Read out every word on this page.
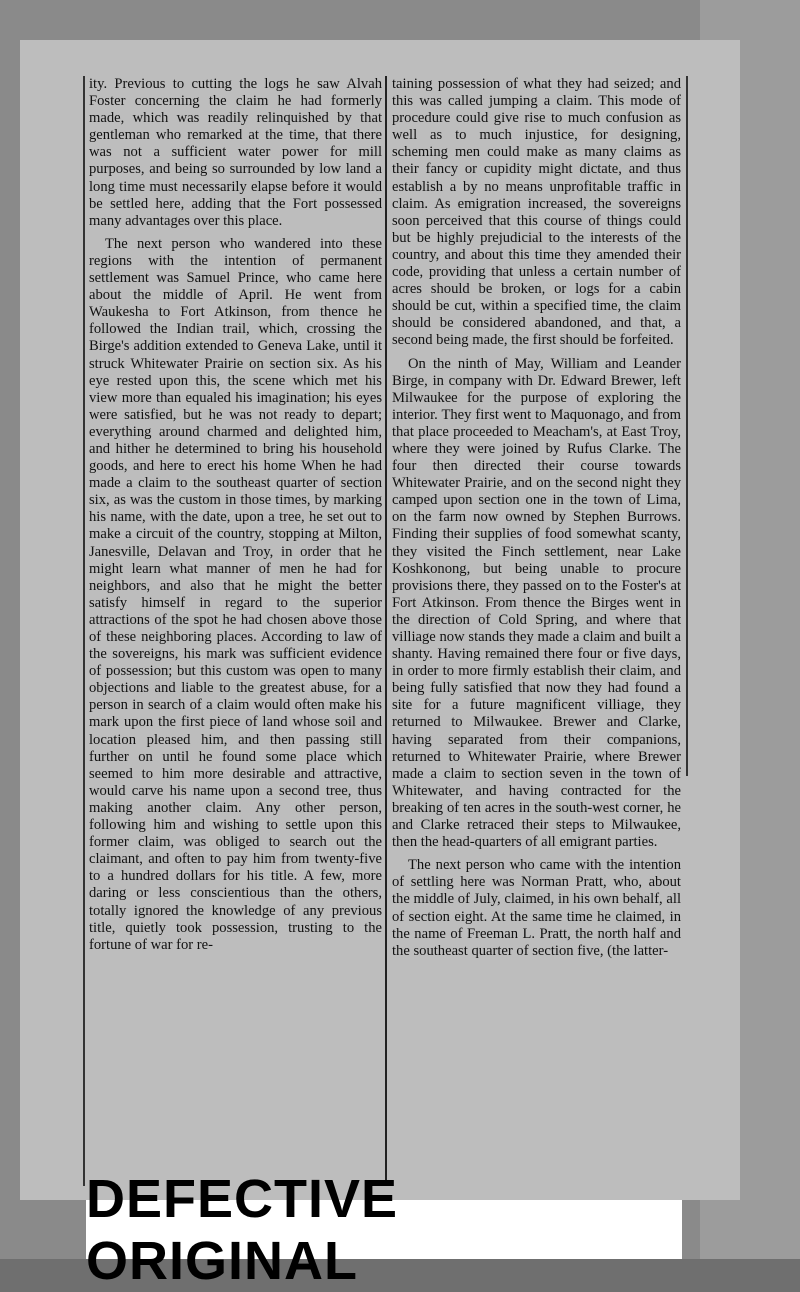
ity. Previous to cutting the logs he saw Alvah Foster concerning the claim he had formerly made, which was readily relinquished by that gentleman who remarked at the time, that there was not a sufficient water power for mill purposes, and being so surrounded by low land a long time must necessarily elapse before it would be settled here, adding that the Fort possessed many advantages over this place.

The next person who wandered into these regions with the intention of permanent settlement was Samuel Prince, who came here about the middle of April. He went from Waukesha to Fort Atkinson, from thence he followed the Indian trail, which, crossing the Birge's addition extended to Geneva Lake, until it struck Whitewater Prairie on section six. As his eye rested upon this, the scene which met his view more than equaled his imagination; his eyes were satisfied, but he was not ready to depart; everything around charmed and delighted him, and hither he determined to bring his household goods, and here to erect his home When he had made a claim to the southeast quarter of section six, as was the custom in those times, by marking his name, with the date, upon a tree, he set out to make a circuit of the country, stopping at Milton, Janesville, Delavan and Troy, in order that he might learn what manner of men he had for neighbors, and also that he might the better satisfy himself in regard to the superior attractions of the spot he had chosen above those of these neighboring places. According to law of the sovereigns, his mark was sufficient evidence of possession; but this custom was open to many objections and liable to the greatest abuse, for a person in search of a claim would often make his mark upon the first piece of land whose soil and location pleased him, and then passing still further on until he found some place which seemed to him more desirable and attractive, would carve his name upon a second tree, thus making another claim. Any other person, following him and wishing to settle upon this former claim, was obliged to search out the claimant, and often to pay him from twenty-five to a hundred dollars for his title. A few, more daring or less conscientious than the others, totally ignored the knowledge of any previous title, quietly took possession, trusting to the fortune of war for re-

taining possession of what they had seized; and this was called jumping a claim. This mode of procedure could give rise to much confusion as well as to much injustice, for designing, scheming men could make as many claims as their fancy or cupidity might dictate, and thus establish a by no means unprofitable traffic in claim. As emigration increased, the sovereigns soon perceived that this course of things could but be highly prejudicial to the interests of the country, and about this time they amended their code, providing that unless a certain number of acres should be broken, or logs for a cabin should be cut, within a specified time, the claim should be considered abandoned, and that, a second being made, the first should be forfeited.

On the ninth of May, William and Leander Birge, in company with Dr. Edward Brewer, left Milwaukee for the purpose of exploring the interior. They first went to Maquonago, and from that place proceeded to Meacham's, at East Troy, where they were joined by Rufus Clarke. The four then directed their course towards Whitewater Prairie, and on the second night they camped upon section one in the town of Lima, on the farm now owned by Stephen Burrows. Finding their supplies of food somewhat scanty, they visited the Finch settlement, near Lake Koshkonong, but being unable to procure provisions there, they passed on to the Foster's at Fort Atkinson. From thence the Birges went in the direction of Cold Spring, and where that villiage now stands they made a claim and built a shanty. Having remained there four or five days, in order to more firmly establish their claim, and being fully satisfied that now they had found a site for a future magnificent villiage, they returned to Milwaukee. Brewer and Clarke, having separated from their companions, returned to Whitewater Prairie, where Brewer made a claim to section seven in the town of Whitewater, and having contracted for the breaking of ten acres in the south-west corner, he and Clarke retraced their steps to Milwaukee, then the head-quarters of all emigrant parties.

The next person who came with the intention of settling here was Norman Pratt, who, about the middle of July, claimed, in his own behalf, all of section eight. At the same time he claimed, in the name of Freeman L. Pratt, the north half and the southeast quarter of section five, (the latter-

ORIGINAL
